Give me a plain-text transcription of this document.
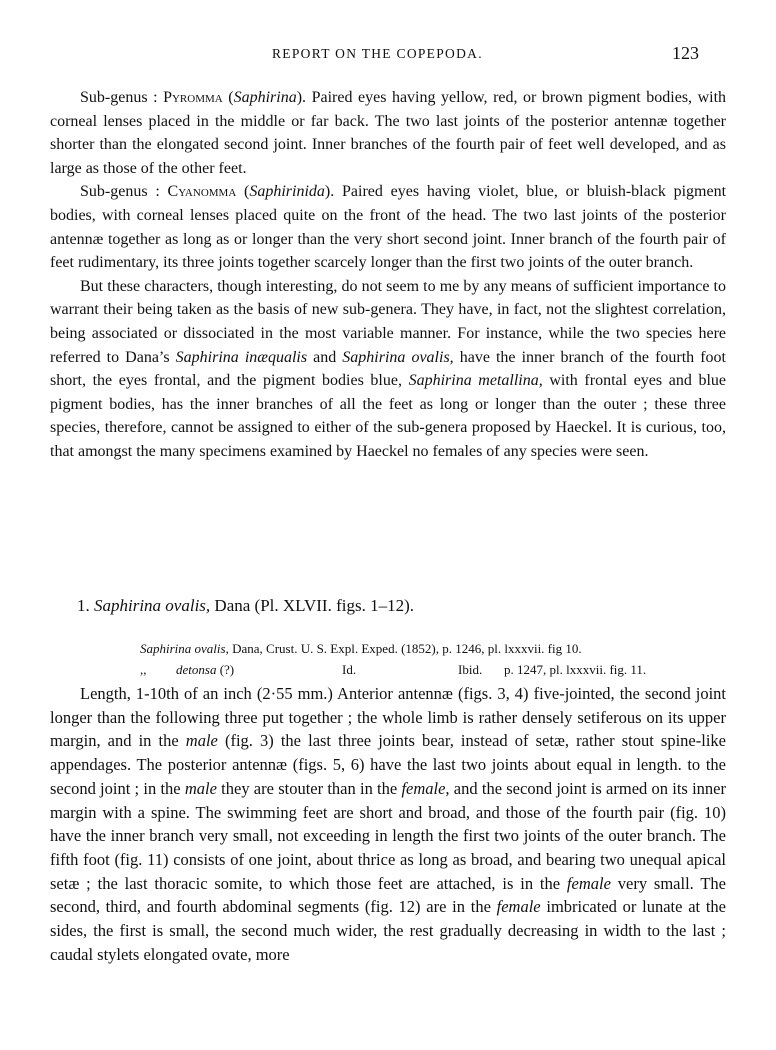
REPORT ON THE COPEPODA.	123

Sub-genus : Pyromma (Saphirina). Paired eyes having yellow, red, or brown pigment bodies, with corneal lenses placed in the middle or far back. The two last joints of the posterior antennæ together shorter than the elongated second joint. Inner branches of the fourth pair of feet well developed, and as large as those of the other feet.

Sub-genus : Cyanomma (Saphirinida). Paired eyes having violet, blue, or bluish-black pigment bodies, with corneal lenses placed quite on the front of the head. The two last joints of the posterior antennæ together as long as or longer than the very short second joint. Inner branch of the fourth pair of feet rudimentary, its three joints together scarcely longer than the first two joints of the outer branch.

But these characters, though interesting, do not seem to me by any means of sufficient importance to warrant their being taken as the basis of new sub-genera. They have, in fact, not the slightest correlation, being associated or dissociated in the most variable manner. For instance, while the two species here referred to Dana’s Saphirina inæqualis and Saphirina ovalis, have the inner branch of the fourth foot short, the eyes frontal, and the pigment bodies blue, Saphirina metallina, with frontal eyes and blue pigment bodies, has the inner branches of all the feet as long or longer than the outer ; these three species, therefore, cannot be assigned to either of the sub-genera proposed by Haeckel. It is curious, too, that amongst the many specimens examined by Haeckel no females of any species were seen.

1. Saphirina ovalis, Dana (Pl. XLVII. figs. 1–12).
Saphirina ovalis, Dana, Crust. U. S. Expl. Exped. (1852), p. 1246, pl. lxxxvii. fig 10.
,, detonsa (?)	Id.	Ibid. p. 1247, pl. lxxxvii. fig. 11.

Length, 1-10th of an inch (2·55 mm.) Anterior antennæ (figs. 3, 4) five-jointed, the second joint longer than the following three put together ; the whole limb is rather densely setiferous on its upper margin, and in the male (fig. 3) the last three joints bear, instead of setæ, rather stout spine-like appendages. The posterior antennæ (figs. 5, 6) have the last two joints about equal in length. to the second joint ; in the male they are stouter than in the female, and the second joint is armed on its inner margin with a spine. The swimming feet are short and broad, and those of the fourth pair (fig. 10) have the inner branch very small, not exceeding in length the first two joints of the outer branch. The fifth foot (fig. 11) consists of one joint, about thrice as long as broad, and bearing two unequal apical setæ ; the last thoracic somite, to which those feet are attached, is in the female very small. The second, third, and fourth abdominal segments (fig. 12) are in the female imbricated or lunate at the sides, the first is small, the second much wider, the rest gradually decreasing in width to the last ; caudal stylets elongated ovate, more
